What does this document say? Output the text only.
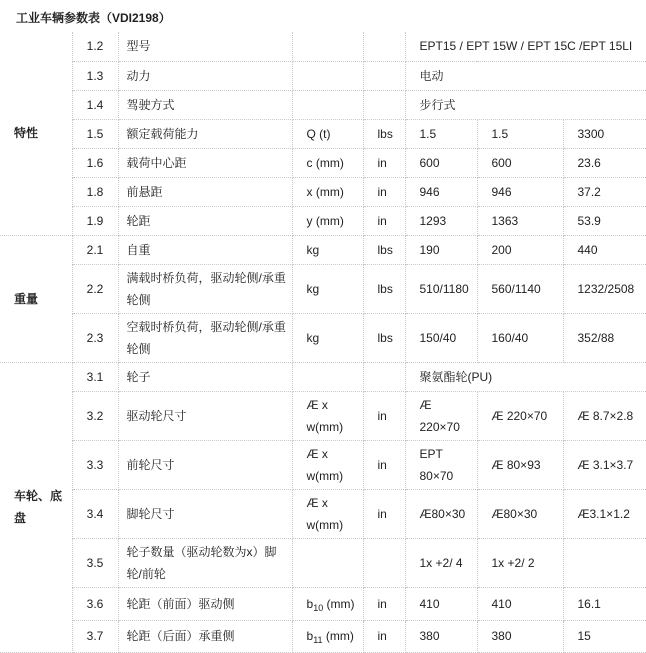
工业车辆参数表（VDI2198）
特性	1.2	型号			EPT15 / EPT 15W / EPT 15C /EPT 15LI		
	1.3	动力			电动		
	1.4	驾驶方式			步行式		
	1.5	额定载荷能力	Q (t)	lbs	1.5	1.5	3300
	1.6	载荷中心距	c (mm)	in	600	600	23.6
	1.8	前悬距	x (mm)	in	946	946	37.2
	1.9	轮距	y (mm)	in	1293	1363	53.9
重量	2.1	自重	kg	lbs	190	200	440
	2.2	满载时桥负荷，驱动轮侧/承重轮侧	kg	lbs	510/1180	560/1140	1232/2508
	2.3	空载时桥负荷，驱动轮侧/承重轮侧	kg	lbs	150/40	160/40	352/88
车轮、底盘	3.1	轮子			聚氨酯轮(PU)		
	3.2	驱动轮尺寸	Æ x w(mm)	in	Æ 220×70	Æ 220×70	Æ 8.7×2.8
	3.3	前轮尺寸	Æ x w(mm)	in	EPT 80×70	Æ 80×93	Æ 3.1×3.7
	3.4	脚轮尺寸	Æ x w(mm)	in	Æ80×30	Æ80×30	Æ3.1×1.2
	3.5	轮子数量（驱动轮数为x）脚轮/前轮			1x +2/ 4	1x +2/ 2	
	3.6	轮距（前面）驱动侧	$b_{10}$ (mm)	in	410	410	16.1
	3.7	轮距（后面）承重侧	$b_{11}$ (mm)	in	380	380	15
